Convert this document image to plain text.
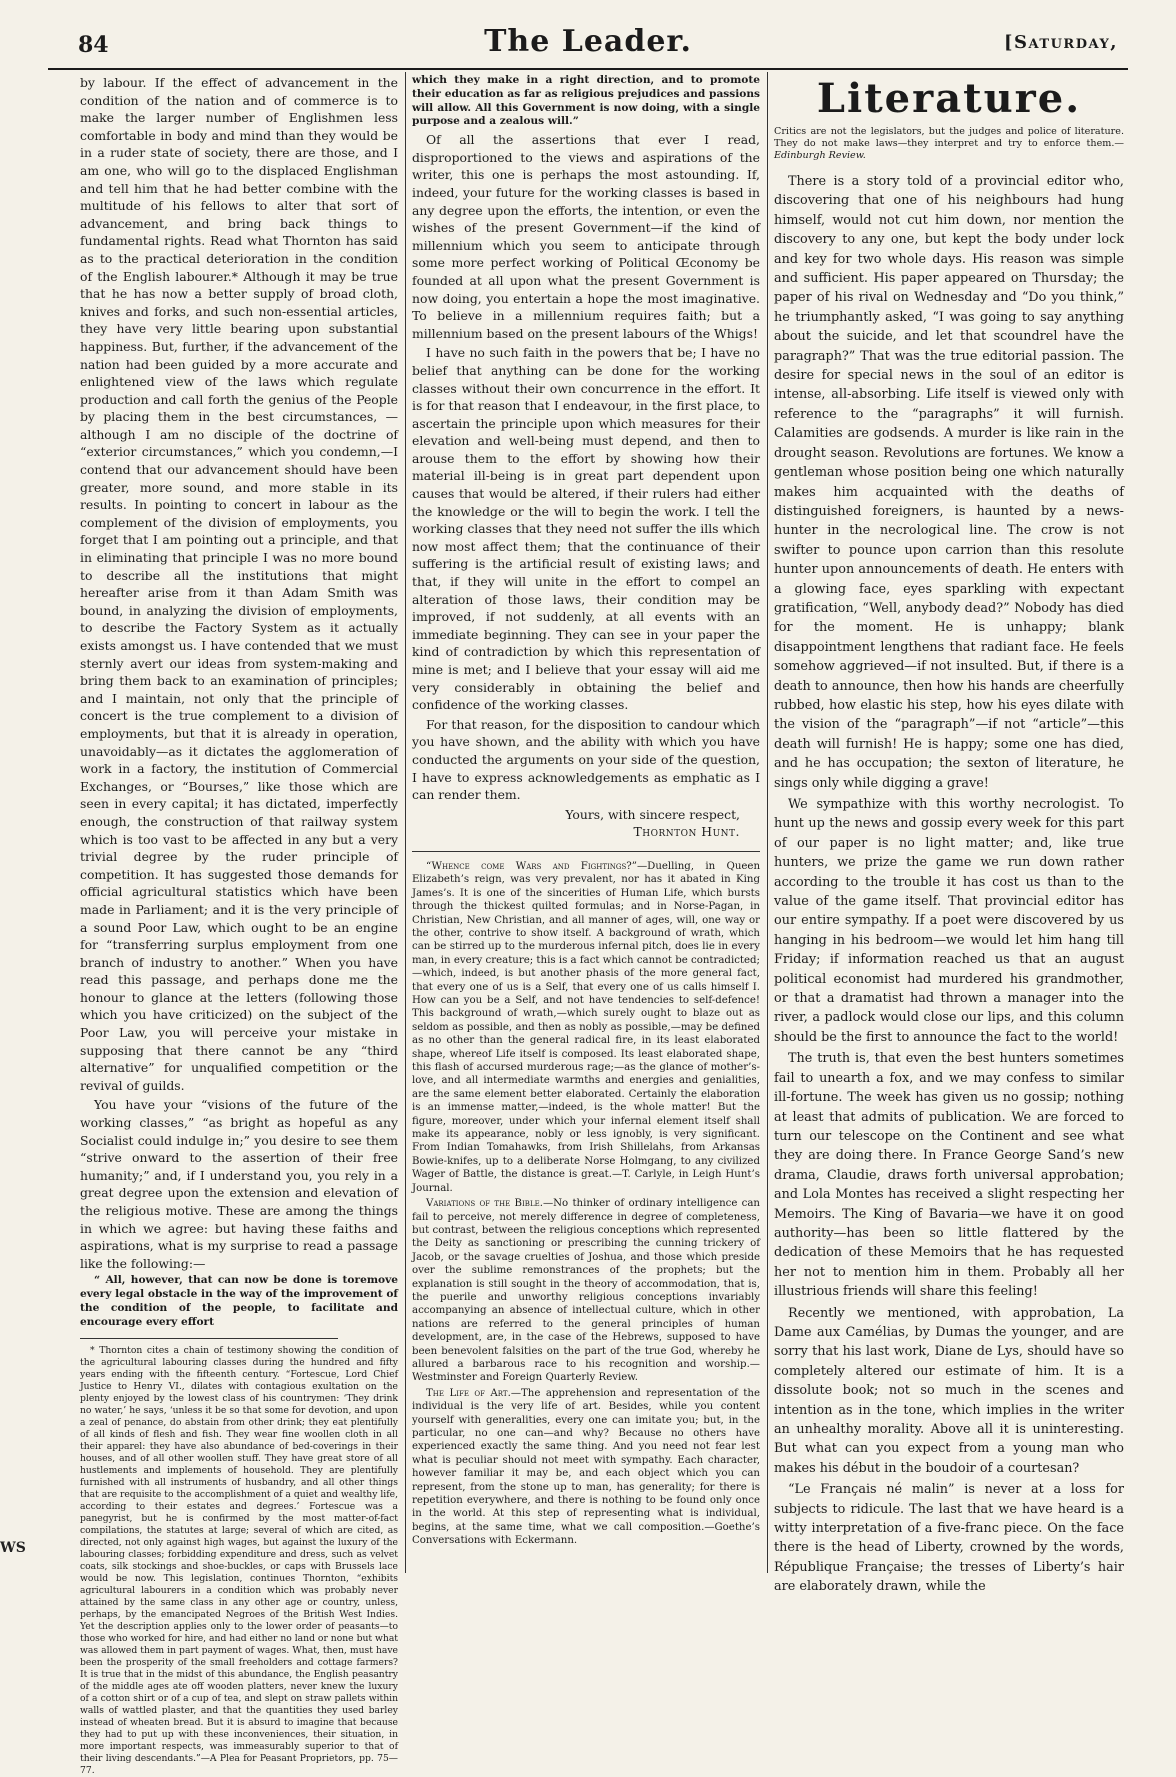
84	The Leader.	[Saturday,

by labour. If the effect of advancement in the condition of the nation and of commerce is to make the larger number of Englishmen less comfortable in body and mind than they would be in a ruder state of society, there are those, and I am one, who will go to the displaced Englishman and tell him that he had better combine with the multitude of his fellows to alter that sort of advancement, and bring back things to fundamental rights. Read what Thornton has said as to the practical deterioration in the condition of the English labourer.* Although it may be true that he has now a better supply of broad cloth, knives and forks, and such non-essential articles, they have very little bearing upon substantial happiness. But, further, if the advancement of the nation had been guided by a more accurate and enlightened view of the laws which regulate production and call forth the genius of the People by placing them in the best circumstances, — although I am no disciple of the doctrine of “exterior circumstances,” which you condemn,—I contend that our advancement should have been greater, more sound, and more stable in its results. In pointing to concert in labour as the complement of the division of employments, you forget that I am pointing out a principle, and that in eliminating that principle I was no more bound to describe all the institutions that might hereafter arise from it than Adam Smith was bound, in analyzing the division of employments, to describe the Factory System as it actually exists amongst us. I have contended that we must sternly avert our ideas from system-making and bring them back to an examination of principles; and I maintain, not only that the principle of concert is the true complement to a division of employments, but that it is already in operation, unavoidably—as it dictates the agglomeration of work in a factory, the institution of Commercial Exchanges, or “Bourses,” like those which are seen in every capital; it has dictated, imperfectly enough, the construction of that railway system which is too vast to be affected in any but a very trivial degree by the ruder principle of competition. It has suggested those demands for official agricultural statistics which have been made in Parliament; and it is the very principle of a sound Poor Law, which ought to be an engine for “transferring surplus employment from one branch of industry to another.” When you have read this passage, and perhaps done me the honour to glance at the letters (following those which you have criticized) on the subject of the Poor Law, you will perceive your mistake in supposing that there cannot be any “third alternative” for unqualified competition or the revival of guilds.

You have your “visions of the future of the working classes,” “as bright as hopeful as any Socialist could indulge in;” you desire to see them “strive onward to the assertion of their free humanity;” and, if I understand you, you rely in a great degree upon the extension and elevation of the religious motive. These are among the things in which we agree: but having these faiths and aspirations, what is my surprise to read a passage like the following:—

“ All, however, that can now be done is toremove every legal obstacle in the way of the improvement of the condition of the people, to facilitate and encourage every effort

* Thornton cites a chain of testimony showing the condition of the agricultural labouring classes during the hundred and fifty years ending with the fifteenth century. “Fortescue, Lord Chief Justice to Henry VI., dilates with contagious exultation on the plenty enjoyed by the lowest class of his countrymen: ‘They drink no water,’ he says, ‘unless it be so that some for devotion, and upon a zeal of penance, do abstain from other drink; they eat plentifully of all kinds of flesh and fish. They wear fine woollen cloth in all their apparel: they have also abundance of bed-coverings in their houses, and of all other woollen stuff. They have great store of all hustlements and implements of household. They are plentifully furnished with all instruments of husbandry, and all other things that are requisite to the accomplishment of a quiet and wealthy life, according to their estates and degrees.’ Fortescue was a panegyrist, but he is confirmed by the most matter-of-fact compilations, the statutes at large; several of which are cited, as directed, not only against high wages, but against the luxury of the labouring classes; forbidding expenditure and dress, such as velvet coats, silk stockings and shoe-buckles, or caps with Brussels lace would be now. This legislation, continues Thornton, “exhibits agricultural labourers in a condition which was probably never attained by the same class in any other age or country, unless, perhaps, by the emancipated Negroes of the British West Indies. Yet the description applies only to the lower order of peasants—to those who worked for hire, and had either no land or none but what was allowed them in part payment of wages. What, then, must have been the prosperity of the small freeholders and cottage farmers? It is true that in the midst of this abundance, the English peasantry of the middle ages ate off wooden platters, never knew the luxury of a cotton shirt or of a cup of tea, and slept on straw pallets within walls of wattled plaster, and that the quantities they used barley instead of wheaten bread. But it is absurd to imagine that because they had to put up with these inconveniences, their situation, in more important respects, was immeasurably superior to that of their living descendants.”—A Plea for Peasant Proprietors, pp. 75—77.

which they make in a right direction, and to promote their education as far as religious prejudices and passions will allow. All this Government is now doing, with a single purpose and a zealous will.”

Of all the assertions that ever I read, disproportioned to the views and aspirations of the writer, this one is perhaps the most astounding. If, indeed, your future for the working classes is based in any degree upon the efforts, the intention, or even the wishes of the present Government—if the kind of millennium which you seem to anticipate through some more perfect working of Political Œconomy be founded at all upon what the present Government is now doing, you entertain a hope the most imaginative. To believe in a millennium requires faith; but a millennium based on the present labours of the Whigs!

I have no such faith in the powers that be; I have no belief that anything can be done for the working classes without their own concurrence in the effort. It is for that reason that I endeavour, in the first place, to ascertain the principle upon which measures for their elevation and well-being must depend, and then to arouse them to the effort by showing how their material ill-being is in great part dependent upon causes that would be altered, if their rulers had either the knowledge or the will to begin the work. I tell the working classes that they need not suffer the ills which now most affect them; that the continuance of their suffering is the artificial result of existing laws; and that, if they will unite in the effort to compel an alteration of those laws, their condition may be improved, if not suddenly, at all events with an immediate beginning. They can see in your paper the kind of contradiction by which this representation of mine is met; and I believe that your essay will aid me very considerably in obtaining the belief and confidence of the working classes.

For that reason, for the disposition to candour which you have shown, and the ability with which you have conducted the arguments on your side of the question, I have to express acknowledgements as emphatic as I can render them.

Yours, with sincere respect,
Thornton Hunt.

“Whence come Wars and Fightings?”—Duelling, in Queen Elizabeth’s reign, was very prevalent, nor has it abated in King James’s. It is one of the sincerities of Human Life, which bursts through the thickest quilted formulas; and in Norse-Pagan, in Christian, New Christian, and all manner of ages, will, one way or the other, contrive to show itself. A background of wrath, which can be stirred up to the murderous infernal pitch, does lie in every man, in every creature; this is a fact which cannot be contradicted;—which, indeed, is but another phasis of the more general fact, that every one of us is a Self, that every one of us calls himself I. How can you be a Self, and not have tendencies to self-defence! This background of wrath,—which surely ought to blaze out as seldom as possible, and then as nobly as possible,—may be defined as no other than the general radical fire, in its least elaborated shape, whereof Life itself is composed. Its least elaborated shape, this flash of accursed murderous rage;—as the glance of mother’s-love, and all intermediate warmths and energies and genialities, are the same element better elaborated. Certainly the elaboration is an immense matter,—indeed, is the whole matter! But the figure, moreover, under which your infernal element itself shall make its appearance, nobly or less ignobly, is very significant. From Indian Tomahawks, from Irish Shillelahs, from Arkansas Bowie-knifes, up to a deliberate Norse Holmgang, to any civilized Wager of Battle, the distance is great.—T. Carlyle, in Leigh Hunt’s Journal.

Variations of the Bible.—No thinker of ordinary intelligence can fail to perceive, not merely difference in degree of completeness, but contrast, between the religious conceptions which represented the Deity as sanctioning or prescribing the cunning trickery of Jacob, or the savage cruelties of Joshua, and those which preside over the sublime remonstrances of the prophets; but the explanation is still sought in the theory of accommodation, that is, the puerile and unworthy religious conceptions invariably accompanying an absence of intellectual culture, which in other nations are referred to the general principles of human development, are, in the case of the Hebrews, supposed to have been benevolent falsities on the part of the true God, whereby he allured a barbarous race to his recognition and worship.—Westminster and Foreign Quarterly Review.

The Life of Art.—The apprehension and representation of the individual is the very life of art. Besides, while you content yourself with generalities, every one can imitate you; but, in the particular, no one can—and why? Because no others have experienced exactly the same thing. And you need not fear lest what is peculiar should not meet with sympathy. Each character, however familiar it may be, and each object which you can represent, from the stone up to man, has generality; for there is repetition everywhere, and there is nothing to be found only once in the world. At this step of representing what is individual, begins, at the same time, what we call composition.—Goethe’s Conversations with Eckermann.

Literature.
Critics are not the legislators, but the judges and police of literature. They do not make laws—they interpret and try to enforce them.—Edinburgh Review.

There is a story told of a provincial editor who, discovering that one of his neighbours had hung himself, would not cut him down, nor mention the discovery to any one, but kept the body under lock and key for two whole days. His reason was simple and sufficient. His paper appeared on Thursday; the paper of his rival on Wednesday and “Do you think,” he triumphantly asked, “I was going to say anything about the suicide, and let that scoundrel have the paragraph?” That was the true editorial passion. The desire for special news in the soul of an editor is intense, all-absorbing. Life itself is viewed only with reference to the “paragraphs” it will furnish. Calamities are godsends. A murder is like rain in the drought season. Revolutions are fortunes. We know a gentleman whose position being one which naturally makes him acquainted with the deaths of distinguished foreigners, is haunted by a news-hunter in the necrological line. The crow is not swifter to pounce upon carrion than this resolute hunter upon announcements of death. He enters with a glowing face, eyes sparkling with expectant gratification, “Well, anybody dead?” Nobody has died for the moment. He is unhappy; blank disappointment lengthens that radiant face. He feels somehow aggrieved—if not insulted. But, if there is a death to announce, then how his hands are cheerfully rubbed, how elastic his step, how his eyes dilate with the vision of the “paragraph”—if not “article”—this death will furnish! He is happy; some one has died, and he has occupation; the sexton of literature, he sings only while digging a grave!

We sympathize with this worthy necrologist. To hunt up the news and gossip every week for this part of our paper is no light matter; and, like true hunters, we prize the game we run down rather according to the trouble it has cost us than to the value of the game itself. That provincial editor has our entire sympathy. If a poet were discovered by us hanging in his bedroom—we would let him hang till Friday; if information reached us that an august political economist had murdered his grandmother, or that a dramatist had thrown a manager into the river, a padlock would close our lips, and this column should be the first to announce the fact to the world!

The truth is, that even the best hunters sometimes fail to unearth a fox, and we may confess to similar ill-fortune. The week has given us no gossip; nothing at least that admits of publication. We are forced to turn our telescope on the Continent and see what they are doing there. In France George Sand’s new drama, Claudie, draws forth universal approbation; and Lola Montes has received a slight respecting her Memoirs. The King of Bavaria—we have it on good authority—has been so little flattered by the dedication of these Memoirs that he has requested her not to mention him in them. Probably all her illustrious friends will share this feeling!

Recently we mentioned, with approbation, La Dame aux Camélias, by Dumas the younger, and are sorry that his last work, Diane de Lys, should have so completely altered our estimate of him. It is a dissolute book; not so much in the scenes and intention as in the tone, which implies in the writer an unhealthy morality. Above all it is uninteresting. But what can you expect from a young man who makes his début in the boudoir of a courtesan?

“Le Français né malin” is never at a loss for subjects to ridicule. The last that we have heard is a witty interpretation of a five-franc piece. On the face there is the head of Liberty, crowned by the words, République Française; the tresses of Liberty’s hair are elaborately drawn, while the

WS
